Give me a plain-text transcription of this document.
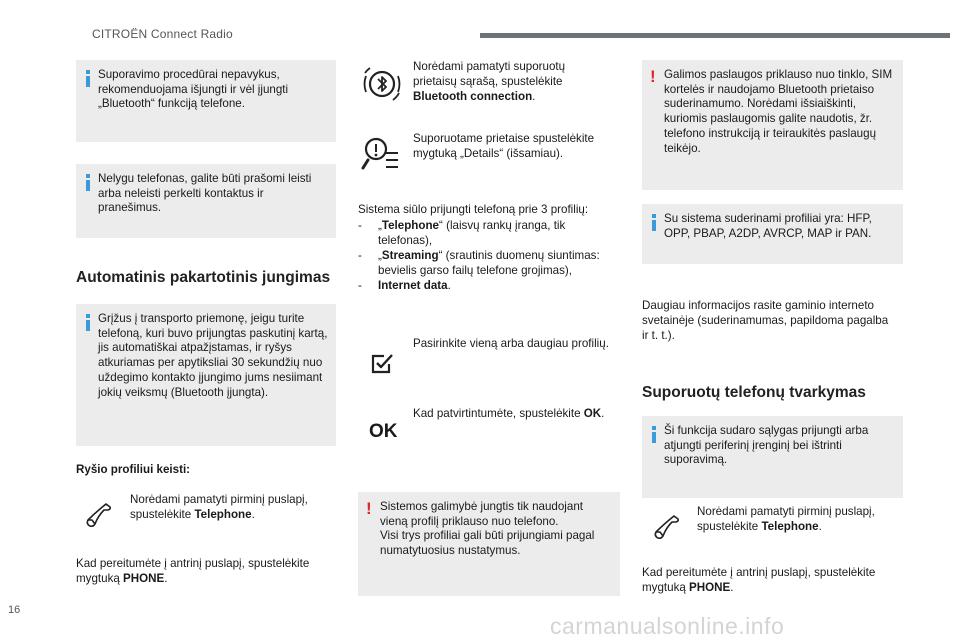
CITROËN Connect Radio
Suporavimo procedūrai nepavykus, rekomenduojama išjungti ir vėl įjungti „Bluetooth“ funkciją telefone.
Nelygu telefonas, galite būti prašomi leisti arba neleisti perkelti kontaktus ir pranešimus.
Automatinis pakartotinis jungimas
Grįžus į transporto priemonę, jeigu turite telefoną, kuri buvo prijungtas paskutinį kartą, jis automatiškai atpažįstamas, ir ryšys atkuriamas per apytiksliai 30 sekundžių nuo uždegimo kontakto įjungimo jums nesiimant jokių veiksmų (Bluetooth įjungta).
Ryšio profiliui keisti:
Norėdami pamatyti pirminį puslapį, spustelėkite Telephone.
Kad pereitumėte į antrinį puslapį, spustelėkite mygtuką PHONE.
Norėdami pamatyti suporuotų prietaisų sąrašą, spustelėkite Bluetooth connection.
Suporuotame prietaise spustelėkite mygtuką „Details“ (išsamiau).
Sistema siūlo prijungti telefoną prie 3 profilių:
- „Telephone“ (laisvų rankų įranga, tik telefonas),
- „Streaming“ (srautinis duomenų siuntimas: bevielis garso failų telefone grojimas),
- Internet data.
Pasirinkite vieną arba daugiau profilių.
OK
Kad patvirtintumėte, spustelėkite OK.
! Sistemos galimybė jungtis tik naudojant vieną profilį priklauso nuo telefono.
Visi trys profiliai gali būti prijungiami pagal numatytuosius nustatymus.
! Galimos paslaugos priklauso nuo tinklo, SIM kortelės ir naudojamo Bluetooth prietaiso suderinamumo. Norėdami išsiaiškinti, kuriomis paslaugomis galite naudotis, žr. telefono instrukciją ir teiraukitės paslaugų teikėjo.
Su sistema suderinami profiliai yra: HFP, OPP, PBAP, A2DP, AVRCP, MAP ir PAN.
Daugiau informacijos rasite gaminio interneto svetainėje (suderinamumas, papildoma pagalba ir t. t.).
Suporuotų telefonų tvarkymas
Ši funkcija sudaro sąlygas prijungti arba atjungti periferinį įrenginį bei ištrinti suporavimą.
Norėdami pamatyti pirminį puslapį, spustelėkite Telephone.
Kad pereitumėte į antrinį puslapį, spustelėkite mygtuką PHONE.
16
carmanualsonline.info
